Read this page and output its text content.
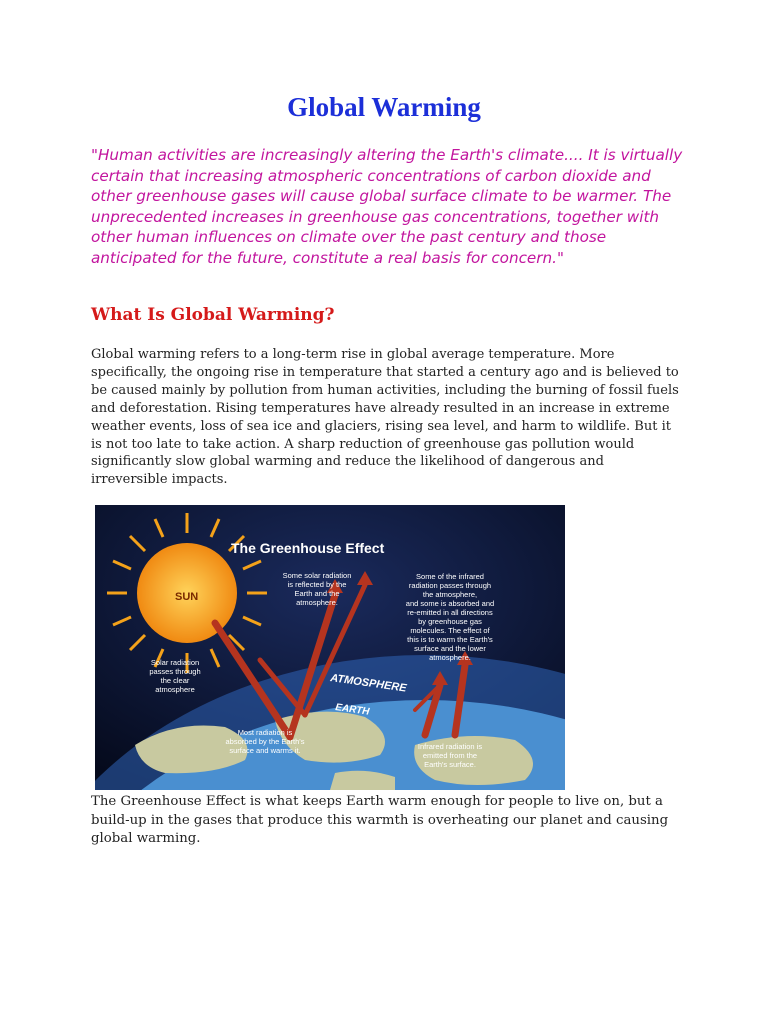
Global Warming

"Human activities are increasingly altering the Earth's climate.... It is virtually certain that increasing atmospheric concentrations of carbon dioxide and other greenhouse gases will cause global surface climate to be warmer. The unprecedented increases in greenhouse gas concentrations, together with other human influences on climate over the past century and those anticipated for the future, constitute a real basis for concern."

What Is Global Warming?

Global warming refers to a long-term rise in global average temperature. More specifically, the ongoing rise in temperature that started a century ago and is believed to be caused mainly by pollution from human activities, including the burning of fossil fuels and deforestation. Rising temperatures have already resulted in an increase in extreme weather events, loss of sea ice and glaciers, rising sea level, and harm to wildlife. But it is not too late to take action. A sharp reduction of greenhouse gas pollution would significantly slow global warming and reduce the likelihood of dangerous and irreversible impacts.

SUN
The Greenhouse Effect
ATMOSPHERE
EARTH
Solar radiation passes through the clear atmosphere
Some solar radiation is reflected by the Earth and the atmosphere.
Some of the infrared radiation passes through the atmosphere, and some is absorbed and re-emitted in all directions by greenhouse gas molecules. The effect of this is to warm the Earth's surface and the lower atmosphere.
Most radiation is absorbed by the Earth's surface and warms it.	Infrared radiation is emitted from the Earth's surface.

The Greenhouse Effect is what keeps Earth warm enough for people to live on, but a build-up in the gases that produce this warmth is overheating our planet and causing global warming.
